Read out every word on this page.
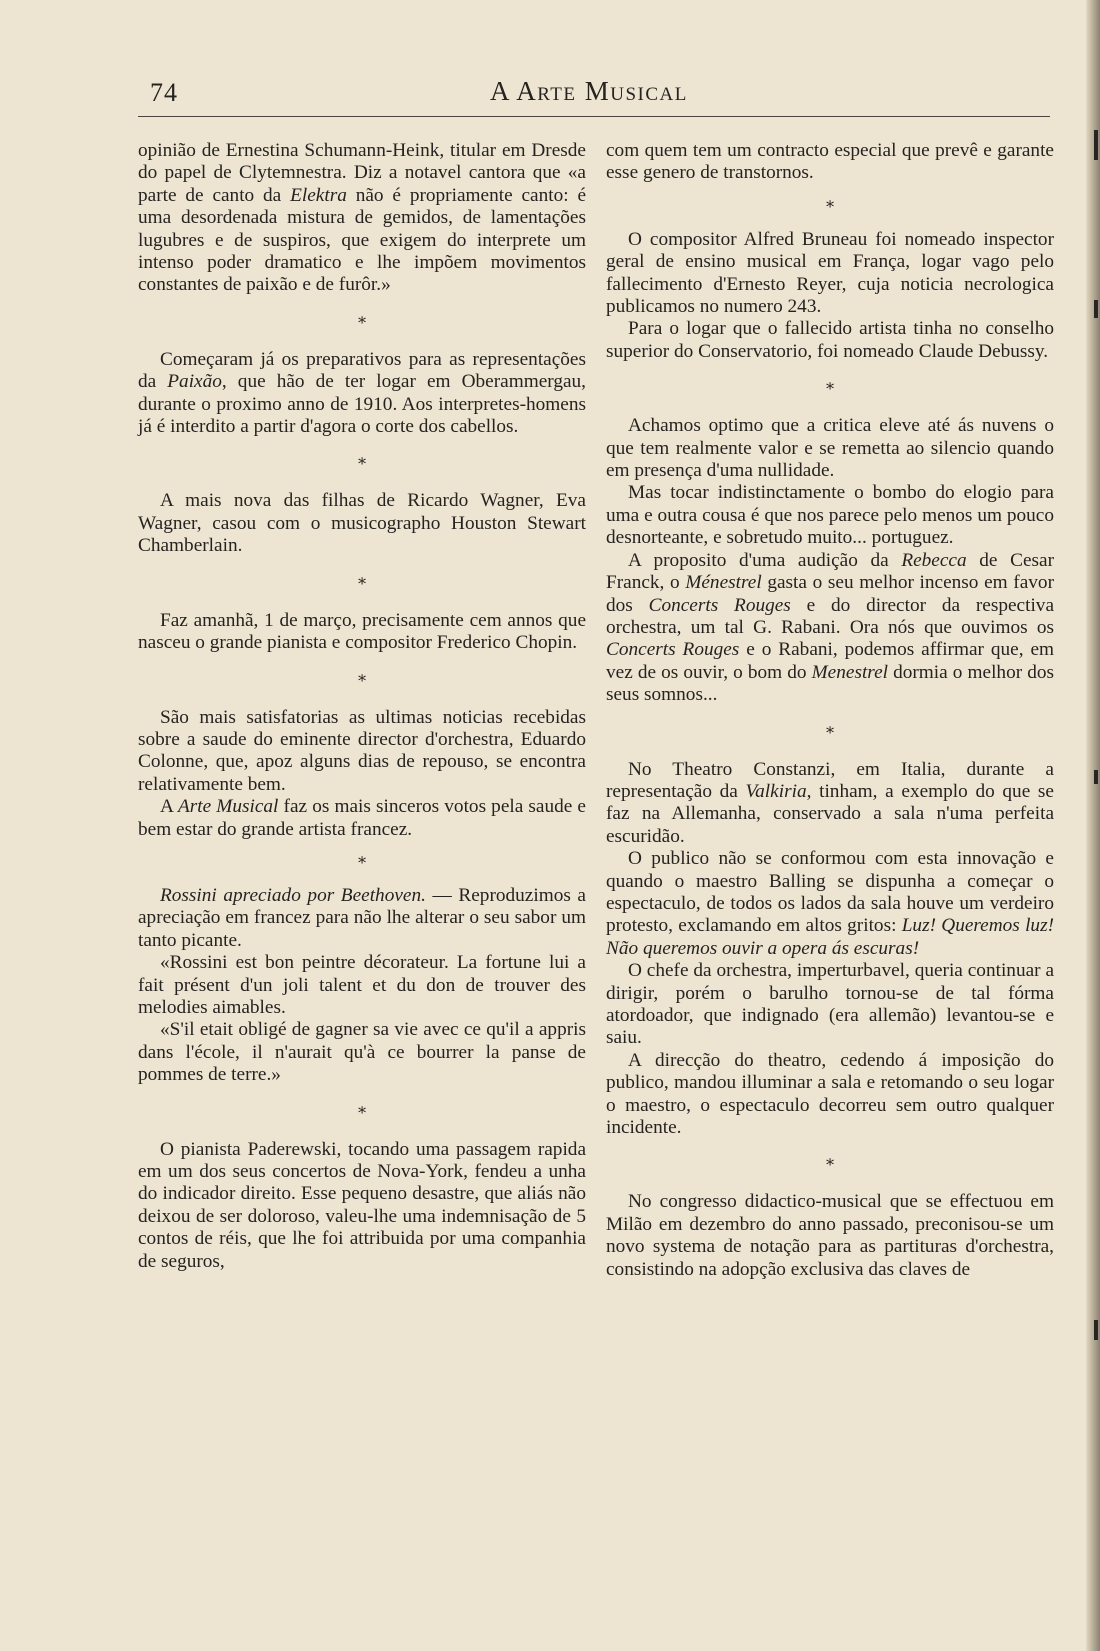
74	A Arte Musical

opinião de Ernestina Schumann-Heink, titular em Dresde do papel de Clytemnestra. Diz a notavel cantora que «a parte de canto da Elektra não é propriamente canto: é uma desordenada mistura de gemidos, de lamentações lugubres e de suspiros, que exigem do interprete um intenso poder dramatico e lhe impõem movimentos constantes de paixão e de furôr.»

∗

Começaram já os preparativos para as representações da Paixão, que hão de ter logar em Oberammergau, durante o proximo anno de 1910. Aos interpretes-homens já é interdito a partir d'agora o corte dos cabellos.

∗

A mais nova das filhas de Ricardo Wagner, Eva Wagner, casou com o musicographo Houston Stewart Chamberlain.

∗

Faz amanhã, 1 de março, precisamente cem annos que nasceu o grande pianista e compositor Frederico Chopin.

∗

São mais satisfatorias as ultimas noticias recebidas sobre a saude do eminente director d'orchestra, Eduardo Colonne, que, apoz alguns dias de repouso, se encontra relativamente bem.

A Arte Musical faz os mais sinceros votos pela saude e bem estar do grande artista francez.

∗

Rossini apreciado por Beethoven. — Reproduzimos a apreciação em francez para não lhe alterar o seu sabor um tanto picante.

«Rossini est bon peintre décorateur. La fortune lui a fait présent d'un joli talent et du don de trouver des melodies aimables.

«S'il etait obligé de gagner sa vie avec ce qu'il a appris dans l'école, il n'aurait qu'à ce bourrer la panse de pommes de terre.»

∗

O pianista Paderewski, tocando uma passagem rapida em um dos seus concertos de Nova-York, fendeu a unha do indicador direito. Esse pequeno desastre, que aliás não deixou de ser doloroso, valeu-lhe uma indemnisação de 5 contos de réis, que lhe foi attribuida por uma companhia de seguros,

com quem tem um contracto especial que prevê e garante esse genero de transtornos.

∗

O compositor Alfred Bruneau foi nomeado inspector geral de ensino musical em França, logar vago pelo fallecimento d'Ernesto Reyer, cuja noticia necrologica publicamos no numero 243.

Para o logar que o fallecido artista tinha no conselho superior do Conservatorio, foi nomeado Claude Debussy.

∗

Achamos optimo que a critica eleve até ás nuvens o que tem realmente valor e se remetta ao silencio quando em presença d'uma nullidade.

Mas tocar indistinctamente o bombo do elogio para uma e outra cousa é que nos parece pelo menos um pouco desnorteante, e sobretudo muito... portuguez.

A proposito d'uma audição da Rebecca de Cesar Franck, o Ménestrel gasta o seu melhor incenso em favor dos Concerts Rouges e do director da respectiva orchestra, um tal G. Rabani. Ora nós que ouvimos os Concerts Rouges e o Rabani, podemos affirmar que, em vez de os ouvir, o bom do Menestrel dormia o melhor dos seus somnos...

∗

No Theatro Constanzi, em Italia, durante a representação da Valkiria, tinham, a exemplo do que se faz na Allemanha, conservado a sala n'uma perfeita escuridão.

O publico não se conformou com esta innovação e quando o maestro Balling se dispunha a começar o espectaculo, de todos os lados da sala houve um verdeiro protesto, exclamando em altos gritos: Luz! Queremos luz! Não queremos ouvir a opera ás escuras!

O chefe da orchestra, imperturbavel, queria continuar a dirigir, porém o barulho tornou-se de tal fórma atordoador, que indignado (era allemão) levantou-se e saiu.

A direcção do theatro, cedendo á imposição do publico, mandou illuminar a sala e retomando o seu logar o maestro, o espectaculo decorreu sem outro qualquer incidente.

∗

No congresso didactico-musical que se effectuou em Milão em dezembro do anno passado, preconisou-se um novo systema de notação para as partituras d'orchestra, consistindo na adopção exclusiva das claves de
